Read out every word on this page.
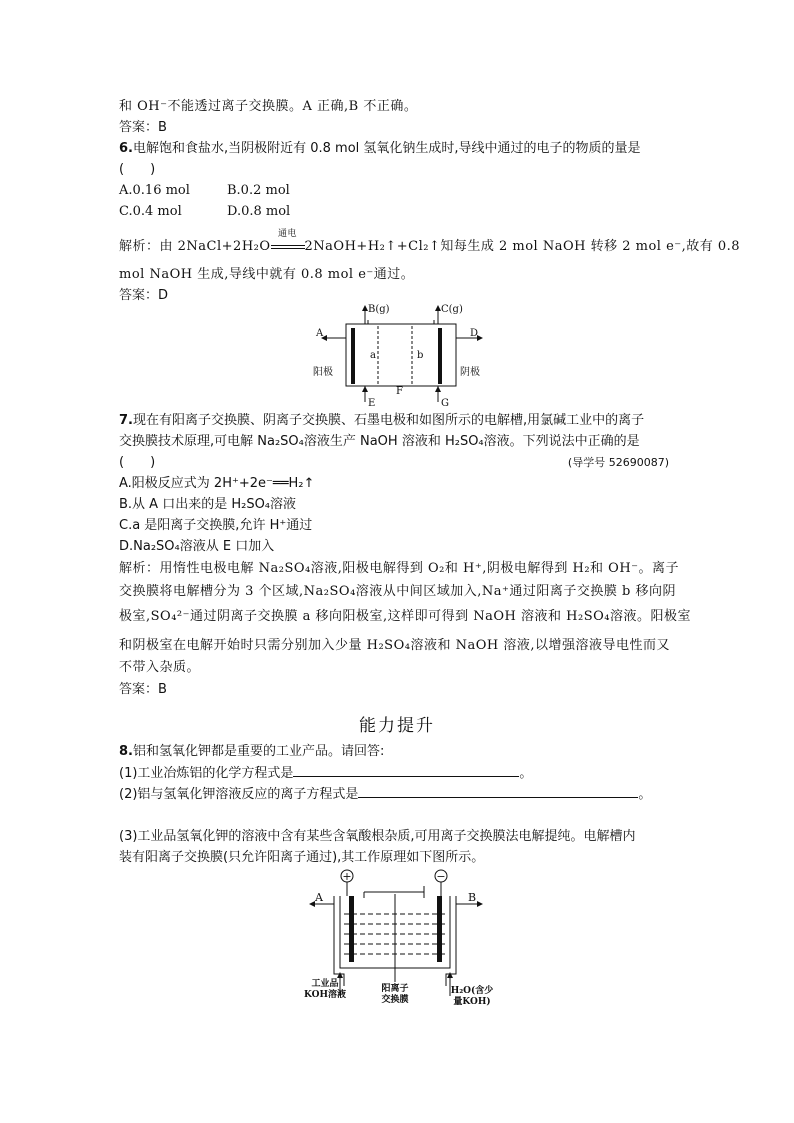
和 OH⁻不能透过离子交换膜。A 正确,B 不正确。
答案：B
6.电解饱和食盐水,当阴极附近有 0.8 mol 氢氧化钠生成时,导线中通过的电子的物质的量是
(　　)
A.0.16 mol	B.0.2 mol
C.0.4 mol	D.0.8 mol
解析： 由 2NaCl+2H₂O
通电
2NaOH+H₂↑+Cl₂↑知每生成 2 mol NaOH 转移 2 mol e⁻,故有 0.8
mol NaOH 生成,导线中就有 0.8 mol e⁻通过。
答案：D
B(g)	C(g)
A	D
E
F
G
a	b
阳极	阴极
7.现在有阳离子交换膜、阴离子交换膜、石墨电极和如图所示的电解槽,用氯碱工业中的离子
交换膜技术原理,可电解 Na₂SO₄溶液生产 NaOH 溶液和 H₂SO₄溶液。下列说法中正确的是
(　　)	(导学号 52690087)
A.阳极反应式为 2H⁺+2e⁻══H₂↑
B.从 A 口出来的是 H₂SO₄溶液
C.a 是阳离子交换膜,允许 H⁺通过
D.Na₂SO₄溶液从 E 口加入
解析：用惰性电极电解 Na₂SO₄溶液,阳极电解得到 O₂和 H⁺,阴极电解得到 H₂和 OH⁻。离子
交换膜将电解槽分为 3 个区域,Na₂SO₄溶液从中间区域加入,Na⁺通过阳离子交换膜 b 移向阴
极室,SO₄²⁻通过阴离子交换膜 a 移向阳极室,这样即可得到 NaOH 溶液和 H₂SO₄溶液。阳极室
和阴极室在电解开始时只需分别加入少量 H₂SO₄溶液和 NaOH 溶液,以增强溶液导电性而又
不带入杂质。
答案：B
能力提升
8.铝和氢氧化钾都是重要的工业产品。请回答:
(1)工业冶炼铝的化学方程式是	。
(2)铝与氢氧化钾溶液反应的离子方程式是	。
(3)工业品氢氧化钾的溶液中含有某些含氧酸根杂质,可用离子交换膜法电解提纯。电解槽内
装有阳离子交换膜(只允许阳离子通过),其工作原理如下图所示。
+	−
A	B
工业品
KOH溶液
阳离子
交换膜
H₂O(含少
量KOH)
